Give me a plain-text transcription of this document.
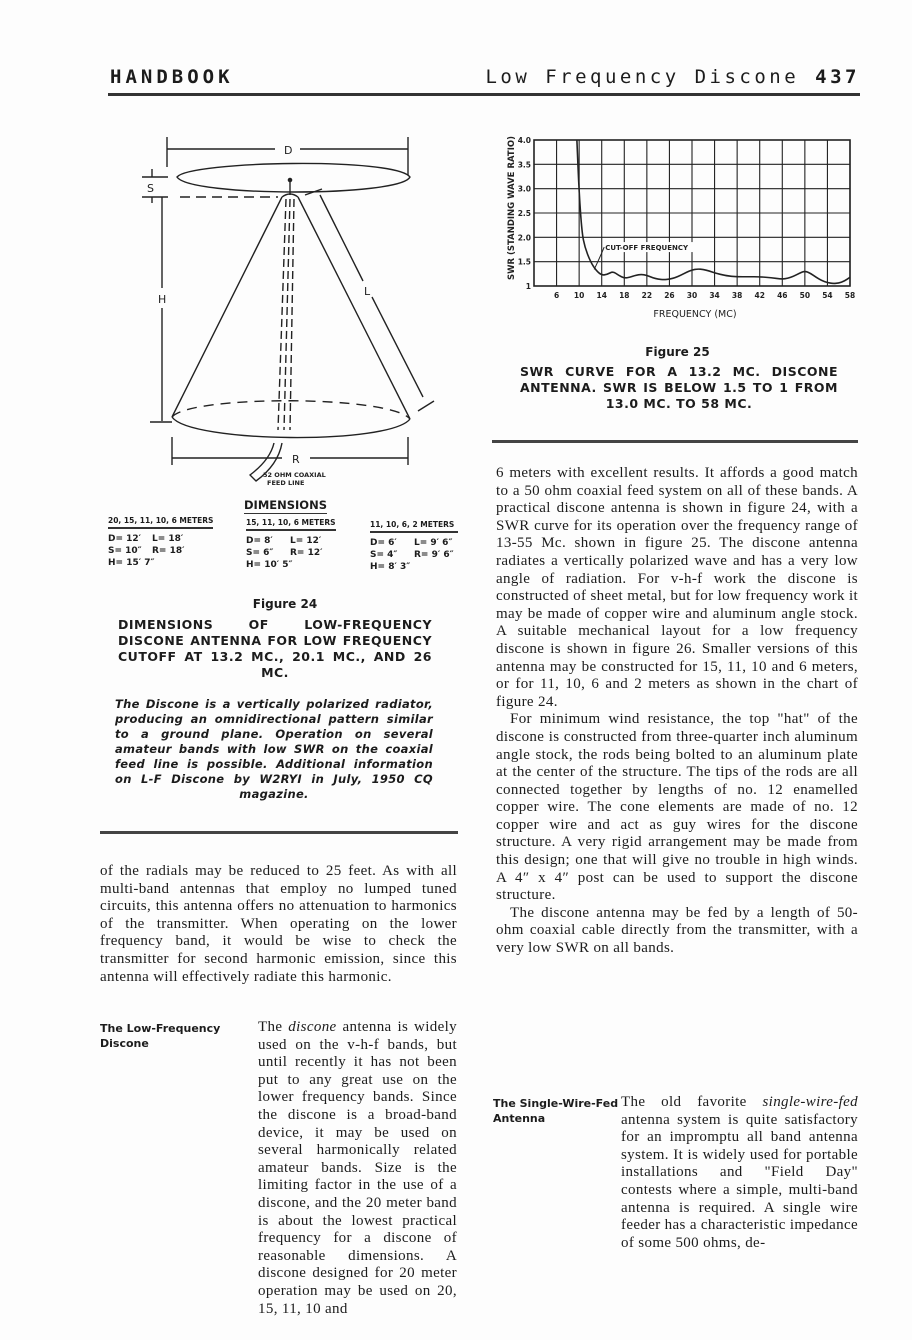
HANDBOOK	Low Frequency Discone 437
D
S
H
L
R
52 OHM COAXIAL
FEED LINE
DIMENSIONS
20, 15, 11, 10, 6 METERS
D= 12′ L= 18′
S= 10″ R= 18′
H= 15′ 7″
15, 11, 10, 6 METERS
D= 8′ L= 12′
S= 6″ R= 12′
H= 10′ 5″
11, 10, 6, 2 METERS
D= 6′ L= 9′ 6″
S= 4″ R= 9′ 6″
H= 8′ 3″
Figure 24
DIMENSIONS OF LOW-FREQUENCY DISCONE ANTENNA FOR LOW FREQUENCY CUTOFF AT 13.2 MC., 20.1 MC., AND 26 MC.
The Discone is a vertically polarized radiator, producing an omnidirectional pattern similar to a ground plane. Operation on several amateur bands with low SWR on the coaxial feed line is possible. Additional information on L-F Discone by W2RYI in July, 1950 CQ magazine.

of the radials may be reduced to 25 feet. As with all multi-band antennas that employ no lumped tuned circuits, this antenna offers no attenuation to harmonics of the transmitter. When operating on the lower frequency band, it would be wise to check the transmitter for second harmonic emission, since this antenna will effectively radiate this harmonic.

The Low-Frequency Discone

The discone antenna is widely used on the v-h-f bands, but until recently it has not been put to any great use on the lower frequency bands. Since the discone is a broad-band device, it may be used on several harmonically related amateur bands. Size is the limiting factor in the use of a discone, and the 20 meter band is about the lowest practical frequency for a discone of reasonable dimensions. A discone designed for 20 meter operation may be used on 20, 15, 11, 10 and

1
1.5
2.0
2.5
3.0
3.5
4.0
6 10 14 18 22 26 30 34 38 42 46 50 54 58
SWR (STANDING WAVE RATIO)
FREQUENCY (MC)
CUT-OFF FREQUENCY
Figure 25
SWR CURVE FOR A 13.2 MC. DISCONE ANTENNA. SWR IS BELOW 1.5 TO 1 FROM 13.0 MC. TO 58 MC.

6 meters with excellent results. It affords a good match to a 50 ohm coaxial feed system on all of these bands. A practical discone antenna is shown in figure 24, with a SWR curve for its operation over the frequency range of 13-55 Mc. shown in figure 25. The discone antenna radiates a vertically polarized wave and has a very low angle of radiation. For v-h-f work the discone is constructed of sheet metal, but for low frequency work it may be made of copper wire and aluminum angle stock. A suitable mechanical layout for a low frequency discone is shown in figure 26. Smaller versions of this antenna may be constructed for 15, 11, 10 and 6 meters, or for 11, 10, 6 and 2 meters as shown in the chart of figure 24.

For minimum wind resistance, the top "hat" of the discone is constructed from three-quarter inch aluminum angle stock, the rods being bolted to an aluminum plate at the center of the structure. The tips of the rods are all connected together by lengths of no. 12 enamelled copper wire. The cone elements are made of no. 12 copper wire and act as guy wires for the discone structure. A very rigid arrangement may be made from this design; one that will give no trouble in high winds. A 4″ x 4″ post can be used to support the discone structure.

The discone antenna may be fed by a length of 50-ohm coaxial cable directly from the transmitter, with a very low SWR on all bands.

The Single-Wire-Fed Antenna

The old favorite single-wire-fed antenna system is quite satisfactory for an impromptu all band antenna system. It is widely used for portable installations and "Field Day" contests where a simple, multi-band antenna is required. A single wire feeder has a characteristic impedance of some 500 ohms, de-
